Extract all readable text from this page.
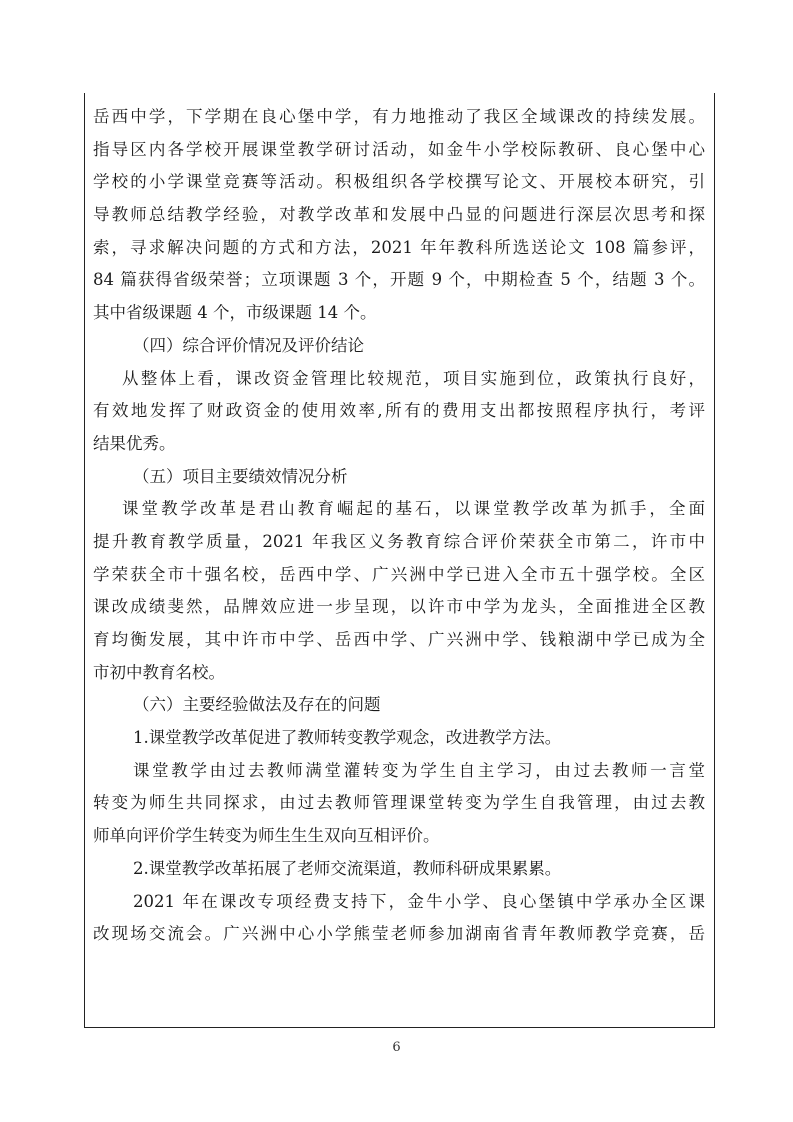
岳西中学，下学期在良心堡中学，有力地推动了我区全域课改的持续发展。
指导区内各学校开展课堂教学研讨活动，如金牛小学校际教研、良心堡中心
学校的小学课堂竞赛等活动。积极组织各学校撰写论文、开展校本研究，引
导教师总结教学经验，对教学改革和发展中凸显的问题进行深层次思考和探
索，寻求解决问题的方式和方法，2021 年年教科所选送论文 108 篇参评，
84 篇获得省级荣誉；立项课题 3 个，开题 9 个，中期检查 5 个，结题 3 个。
其中省级课题 4 个，市级课题 14 个。
（四）综合评价情况及评价结论
从整体上看，课改资金管理比较规范，项目实施到位，政策执行良好，
有效地发挥了财政资金的使用效率,所有的费用支出都按照程序执行，考评
结果优秀。
（五）项目主要绩效情况分析
课堂教学改革是君山教育崛起的基石，以课堂教学改革为抓手，全面
提升教育教学质量，2021 年我区义务教育综合评价荣获全市第二，许市中
学荣获全市十强名校，岳西中学、广兴洲中学已进入全市五十强学校。全区
课改成绩斐然，品牌效应进一步呈现，以许市中学为龙头，全面推进全区教
育均衡发展，其中许市中学、岳西中学、广兴洲中学、钱粮湖中学已成为全
市初中教育名校。
（六）主要经验做法及存在的问题
1.课堂教学改革促进了教师转变教学观念，改进教学方法。
课堂教学由过去教师满堂灌转变为学生自主学习，由过去教师一言堂
转变为师生共同探求，由过去教师管理课堂转变为学生自我管理，由过去教
师单向评价学生转变为师生生生双向互相评价。
2.课堂教学改革拓展了老师交流渠道，教师科研成果累累。
2021 年在课改专项经费支持下，金牛小学、良心堡镇中学承办全区课
改现场交流会。广兴洲中心小学熊莹老师参加湖南省青年教师教学竞赛，岳
6
